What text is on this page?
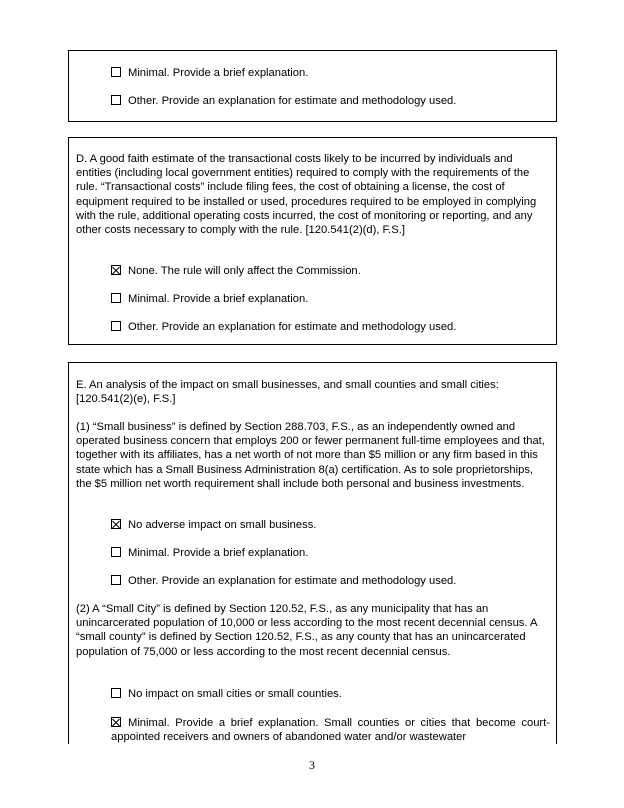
Minimal. Provide a brief explanation.
Other. Provide an explanation for estimate and methodology used.

D. A good faith estimate of the transactional costs likely to be incurred by individuals and entities (including local government entities) required to comply with the requirements of the rule. “Transactional costs” include filing fees, the cost of obtaining a license, the cost of equipment required to be installed or used, procedures required to be employed in complying with the rule, additional operating costs incurred, the cost of monitoring or reporting, and any other costs necessary to comply with the rule. [120.541(2)(d), F.S.]

None. The rule will only affect the Commission.
Minimal. Provide a brief explanation.
Other. Provide an explanation for estimate and methodology used.

E. An analysis of the impact on small businesses, and small counties and small cities: [120.541(2)(e), F.S.]

(1) “Small business” is defined by Section 288.703, F.S., as an independently owned and operated business concern that employs 200 or fewer permanent full-time employees and that, together with its affiliates, has a net worth of not more than $5 million or any firm based in this state which has a Small Business Administration 8(a) certification. As to sole proprietorships, the $5 million net worth requirement shall include both personal and business investments.

No adverse impact on small business.
Minimal. Provide a brief explanation.
Other. Provide an explanation for estimate and methodology used.

(2) A “Small City” is defined by Section 120.52, F.S., as any municipality that has an unincarcerated population of 10,000 or less according to the most recent decennial census. A “small county” is defined by Section 120.52, F.S., as any county that has an unincarcerated population of 75,000 or less according to the most recent decennial census.

No impact on small cities or small counties.

Minimal. Provide a brief explanation. Small counties or cities that become court-appointed receivers and owners of abandoned water and/or wastewater

3
